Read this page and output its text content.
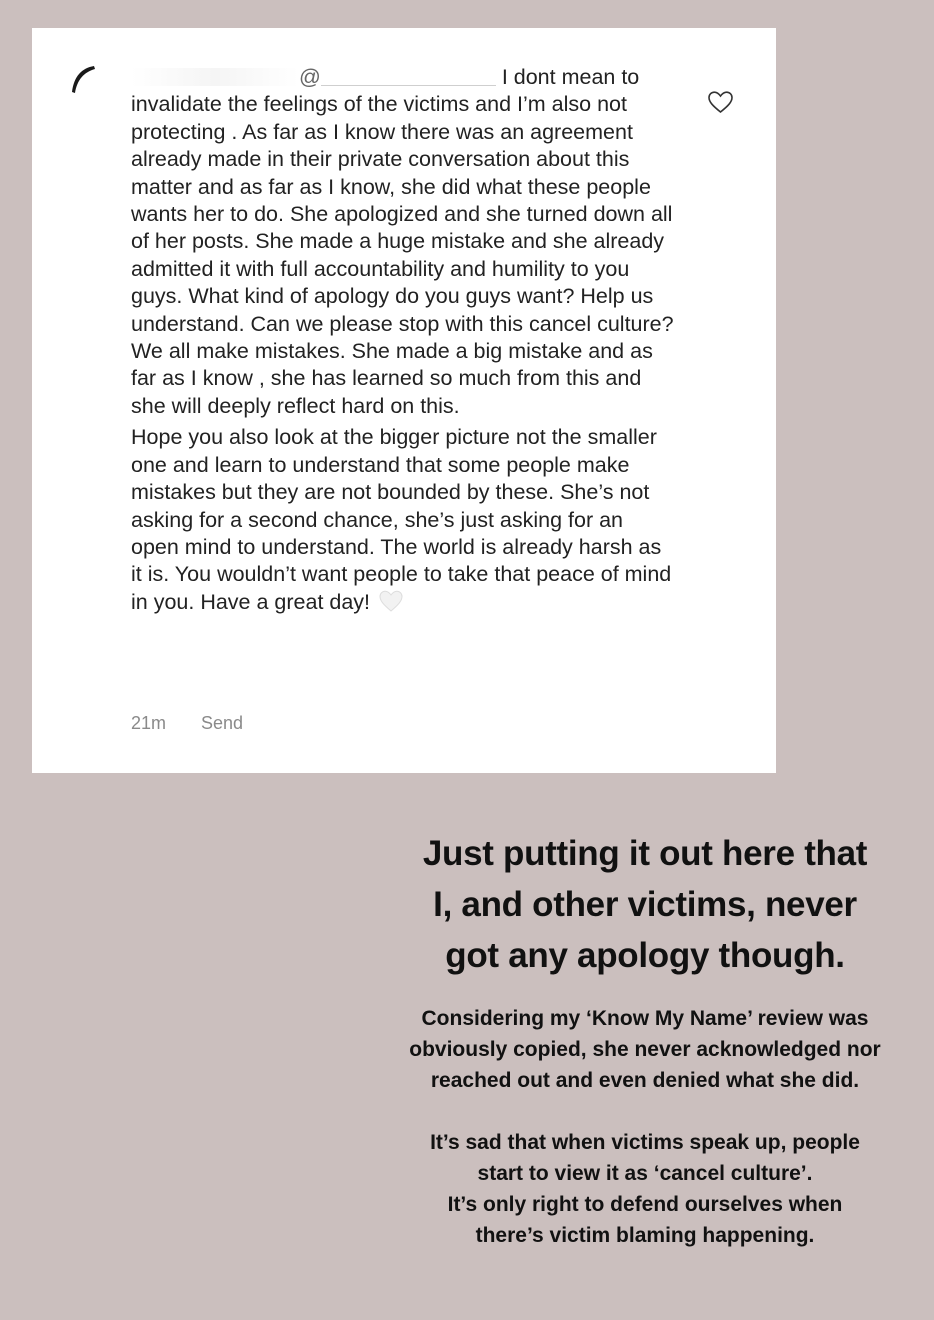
@	I dont mean to invalidate the feelings of the victims and I’m also not protecting . As far as I know there was an agreement already made in their private conversation about this matter and as far as I know, she did what these people wants her to do. She apologized and she turned down all of her posts. She made a huge mistake and she already admitted it with full accountability and humility to you guys. What kind of apology do you guys want? Help us understand. Can we please stop with this cancel culture? We all make mistakes. She made a big mistake and as far as I know , she has learned so much from this and she will deeply reflect hard on this.

Hope you also look at the bigger picture not the smaller one and learn to understand that some people make mistakes but they are not bounded by these. She’s not asking for a second chance, she’s just asking for an open mind to understand. The world is already harsh as it is. You wouldn’t want people to take that peace of mind in you. Have a great day!

21m Send
Just putting it out here that
I, and other victims, never
got any apology though.
Considering my ‘Know My Name’ review was
obviously copied, she never acknowledged nor
reached out and even denied what she did.
It’s sad that when victims speak up, people
start to view it as ‘cancel culture’.
It’s only right to defend ourselves when
there’s victim blaming happening.
